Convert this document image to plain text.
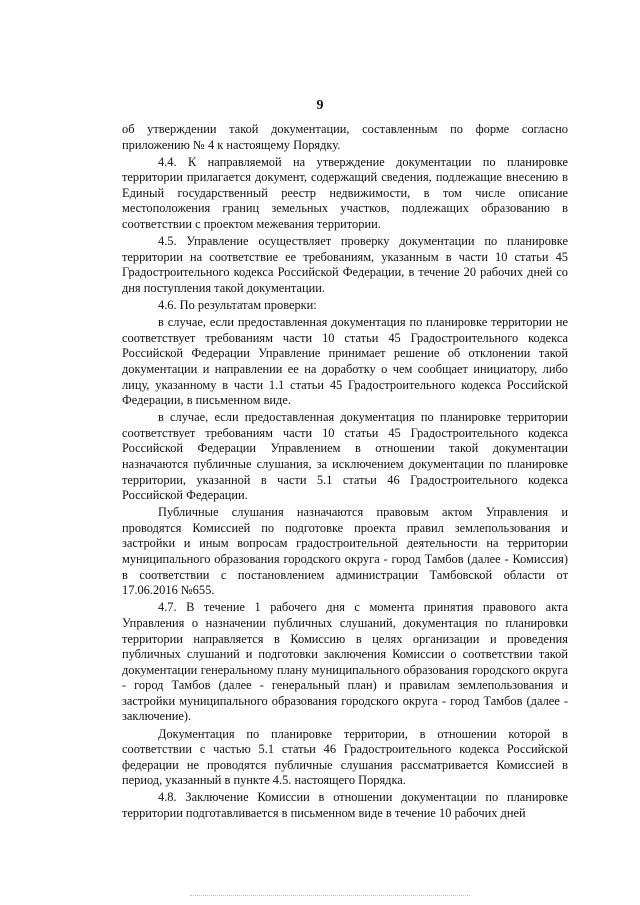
9

об утверждении такой документации, составленным по форме согласно приложению № 4 к настоящему Порядку.

4.4. К направляемой на утверждение документации по планировке территории прилагается документ, содержащий сведения, подлежащие внесению в Единый государственный реестр недвижимости, в том числе описание местоположения границ земельных участков, подлежащих образованию в соответствии с проектом межевания территории.

4.5. Управление осуществляет проверку документации по планировке территории на соответствие ее требованиям, указанным в части 10 статьи 45 Градостроительного кодекса Российской Федерации, в течение 20 рабочих дней со дня поступления такой документации.

4.6. По результатам проверки:

в случае, если предоставленная документация по планировке территории не соответствует требованиям части 10 статьи 45 Градостроительного кодекса Российской Федерации Управление принимает решение об отклонении такой документации и направлении ее на доработку о чем сообщает инициатору, либо лицу, указанному в части 1.1 статьи 45 Градостроительного кодекса Российской Федерации, в письменном виде.

в случае, если предоставленная документация по планировке территории соответствует требованиям части 10 статьи 45 Градостроительного кодекса Российской Федерации Управлением в отношении такой документации назначаются публичные слушания, за исключением документации по планировке территории, указанной в части 5.1 статьи 46 Градостроительного кодекса Российской Федерации.

Публичные слушания назначаются правовым актом Управления и проводятся Комиссией по подготовке проекта правил землепользования и застройки и иным вопросам градостроительной деятельности на территории муниципального образования городского округа - город Тамбов (далее - Комиссия) в соответствии с постановлением администрации Тамбовской области от 17.06.2016 №655.

4.7. В течение 1 рабочего дня с момента принятия правового акта Управления о назначении публичных слушаний, документация по планировки территории направляется в Комиссию в целях организации и проведения публичных слушаний и подготовки заключения Комиссии о соответствии такой документации генеральному плану муниципального образования городского округа - город Тамбов (далее - генеральный план) и правилам землепользования и застройки муниципального образования городского округа - город Тамбов (далее - заключение).

Документация по планировке территории, в отношении которой в соответствии с частью 5.1 статьи 46 Градостроительного кодекса Российской федерации не проводятся публичные слушания рассматривается Комиссией в период, указанный в пункте 4.5. настоящего Порядка.

4.8. Заключение Комиссии в отношении документации по планировке территории подготавливается в письменном виде в течение 10 рабочих дней
